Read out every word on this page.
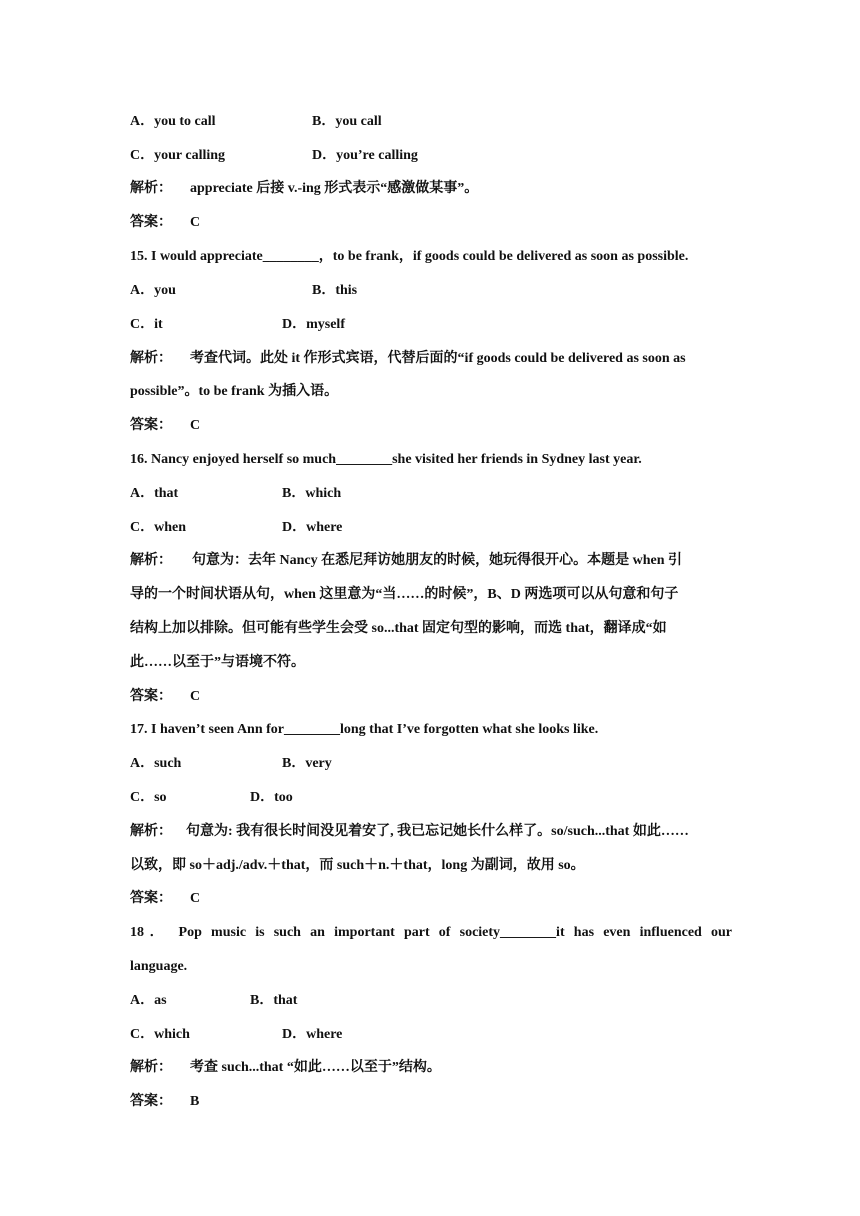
A．you to call	B．you call
C．your calling	D．you’re calling
解析： appreciate 后接 v.-ing 形式表示“感激做某事”。
答案： C
15. I would appreciate________，to be frank，if goods could be delivered as soon as possible.
A．you	B．this
C．it	D．myself
解析： 考查代词。此处 it 作形式宾语，代替后面的“if goods could be delivered as soon as
possible”。to be frank 为插入语。
答案： C
16. Nancy enjoyed herself so much________she visited her friends in Sydney last year.
A．that	B．which
C．when	D．where
解析： 句意为：去年 Nancy 在悉尼拜访她朋友的时候，她玩得很开心。本题是 when 引
导的一个时间状语从句，when 这里意为“当……的时候”，B、D 两选项可以从句意和句子
结构上加以排除。但可能有些学生会受 so...that 固定句型的影响，而选 that，翻译成“如
此……以至于”与语境不符。
答案： C
17. I haven’t seen Ann for________long that I’ve forgotten what she looks like.
A．such	B．very
C．so	D．too
解析： 句意为: 我有很长时间没见着安了, 我已忘记她长什么样了。so/such...that 如此……
以致，即 so＋adj./adv.＋that，而 such＋n.＋that，long 为副词，故用 so。
答案： C
18． Pop music is such an important part of society________it has even influenced our
language.
A．as	B．that
C．which	D．where
解析： 考查 such...that “如此……以至于”结构。
答案： B
